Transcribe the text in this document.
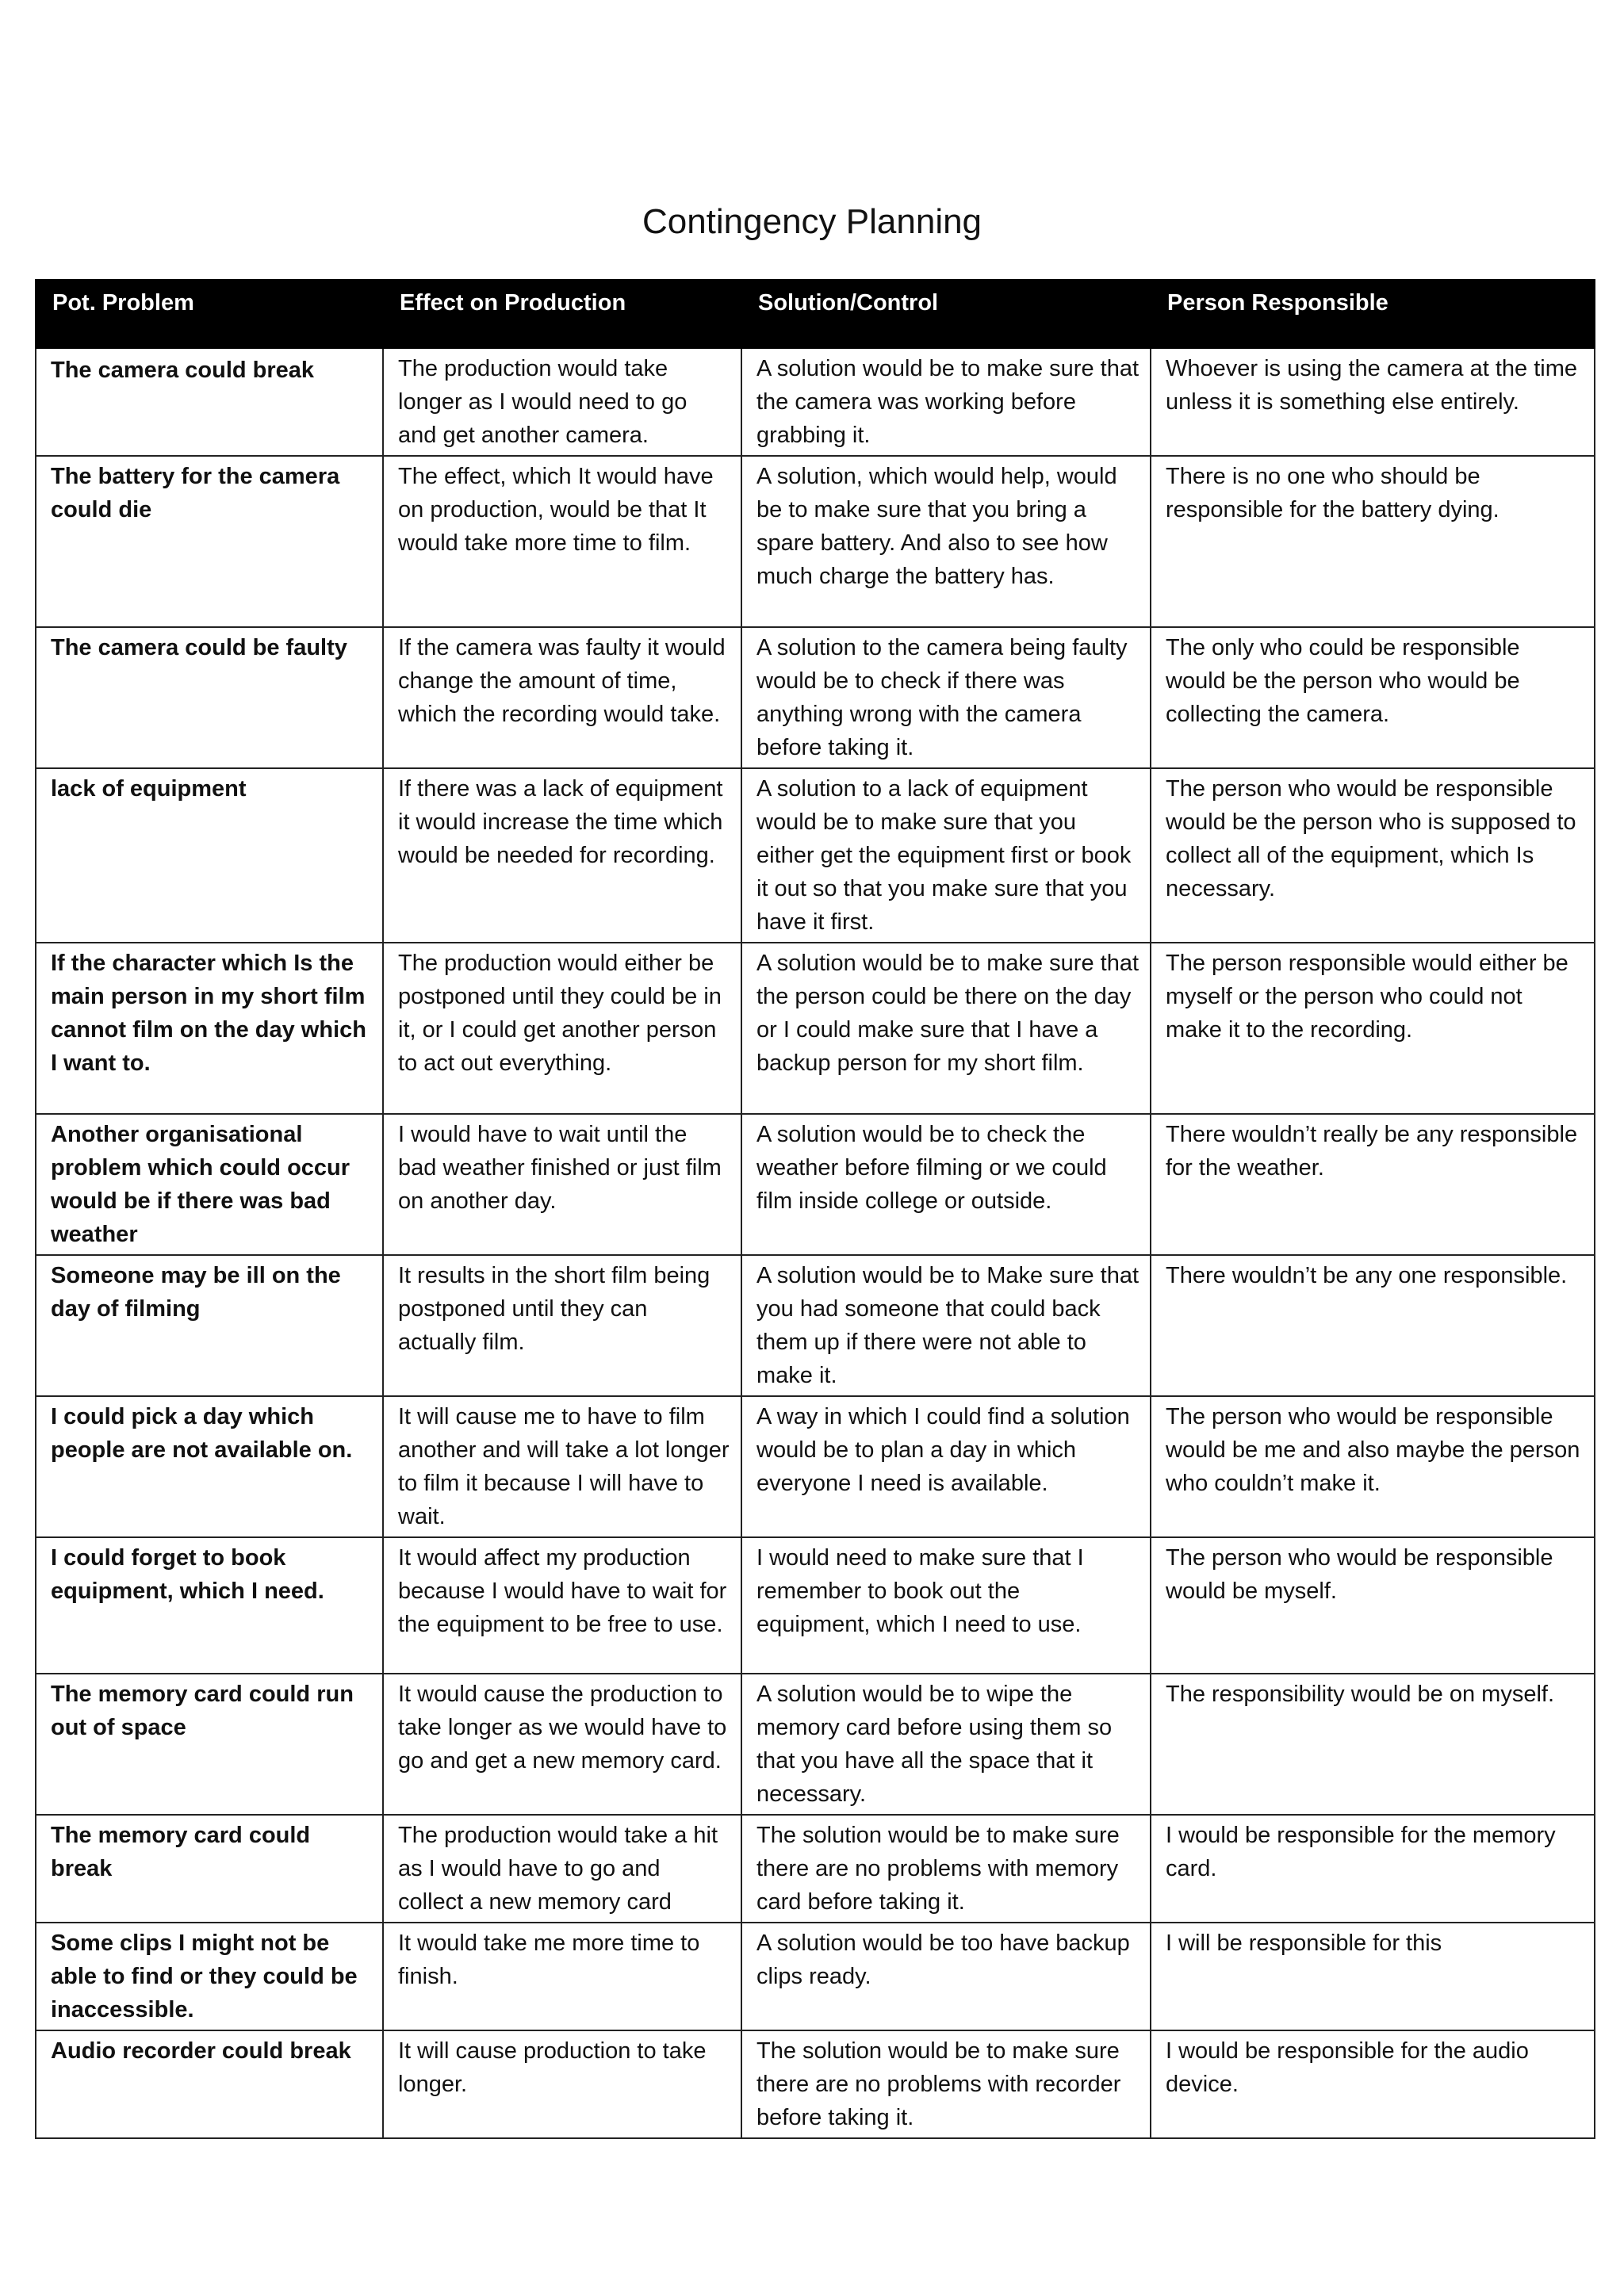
Contingency Planning
Pot. Problem	Effect on Production	Solution/Control	Person Responsible
The camera could break	The production would take longer as I would need to go and get another camera.	A solution would be to make sure that the camera was working before grabbing it.	Whoever is using the camera at the time unless it is something else entirely.
The battery for the camera could die	The effect, which It would have on production, would be that It would take more time to film.	A solution, which would help, would be to make sure that you bring a spare battery. And also to see how much charge the battery has.	There is no one who should be responsible for the battery dying.
The camera could be faulty	If the camera was faulty it would change the amount of time, which the recording would take.	A solution to the camera being faulty would be to check if there was anything wrong with the camera before taking it.	The only who could be responsible would be the person who would be collecting the camera.
lack of equipment	If there was a lack of equipment it would increase the time which would be needed for recording.	A solution to a lack of equipment would be to make sure that you either get the equipment first or book it out so that you make sure that you have it first.	The person who would be responsible would be the person who is supposed to collect all of the equipment, which Is necessary.
If the character which Is the main person in my short film cannot film on the day which I want to.	The production would either be postponed until they could be in it, or I could get another person to act out everything.	A solution would be to make sure that the person could be there on the day or I could make sure that I have a backup person for my short film.	The person responsible would either be myself or the person who could not make it to the recording.
Another organisational problem which could occur would be if there was bad weather	I would have to wait until the bad weather finished or just film on another day.	A solution would be to check the weather before filming or we could film inside college or outside.	There wouldn’t really be any responsible for the weather.
Someone may be ill on the day of filming	It results in the short film being postponed until they can actually film.	A solution would be to Make sure that you had someone that could back them up if there were not able to make it.	There wouldn’t be any one responsible.
I could pick a day which people are not available on.	It will cause me to have to film another and will take a lot longer to film it because I will have to wait.	A way in which I could find a solution would be to plan a day in which everyone I need is available.	The person who would be responsible would be me and also maybe the person who couldn’t make it.
I could forget to book equipment, which I need.	It would affect my production because I would have to wait for the equipment to be free to use.	I would need to make sure that I remember to book out the equipment, which I need to use.	The person who would be responsible would be myself.
The memory card could run out of space	It would cause the production to take longer as we would have to go and get a new memory card.	A solution would be to wipe the memory card before using them so that you have all the space that it necessary.	The responsibility would be on myself.
The memory card could break	The production would take a hit as I would have to go and collect a new memory card	The solution would be to make sure there are no problems with memory card before taking it.	I would be responsible for the memory card.
Some clips I might not be able to find or they could be inaccessible.	It would take me more time to finish.	A solution would be too have backup clips ready.	I will be responsible for this
Audio recorder could break	It will cause production to take longer.	The solution would be to make sure there are no problems with recorder before taking it.	I would be responsible for the audio device.
